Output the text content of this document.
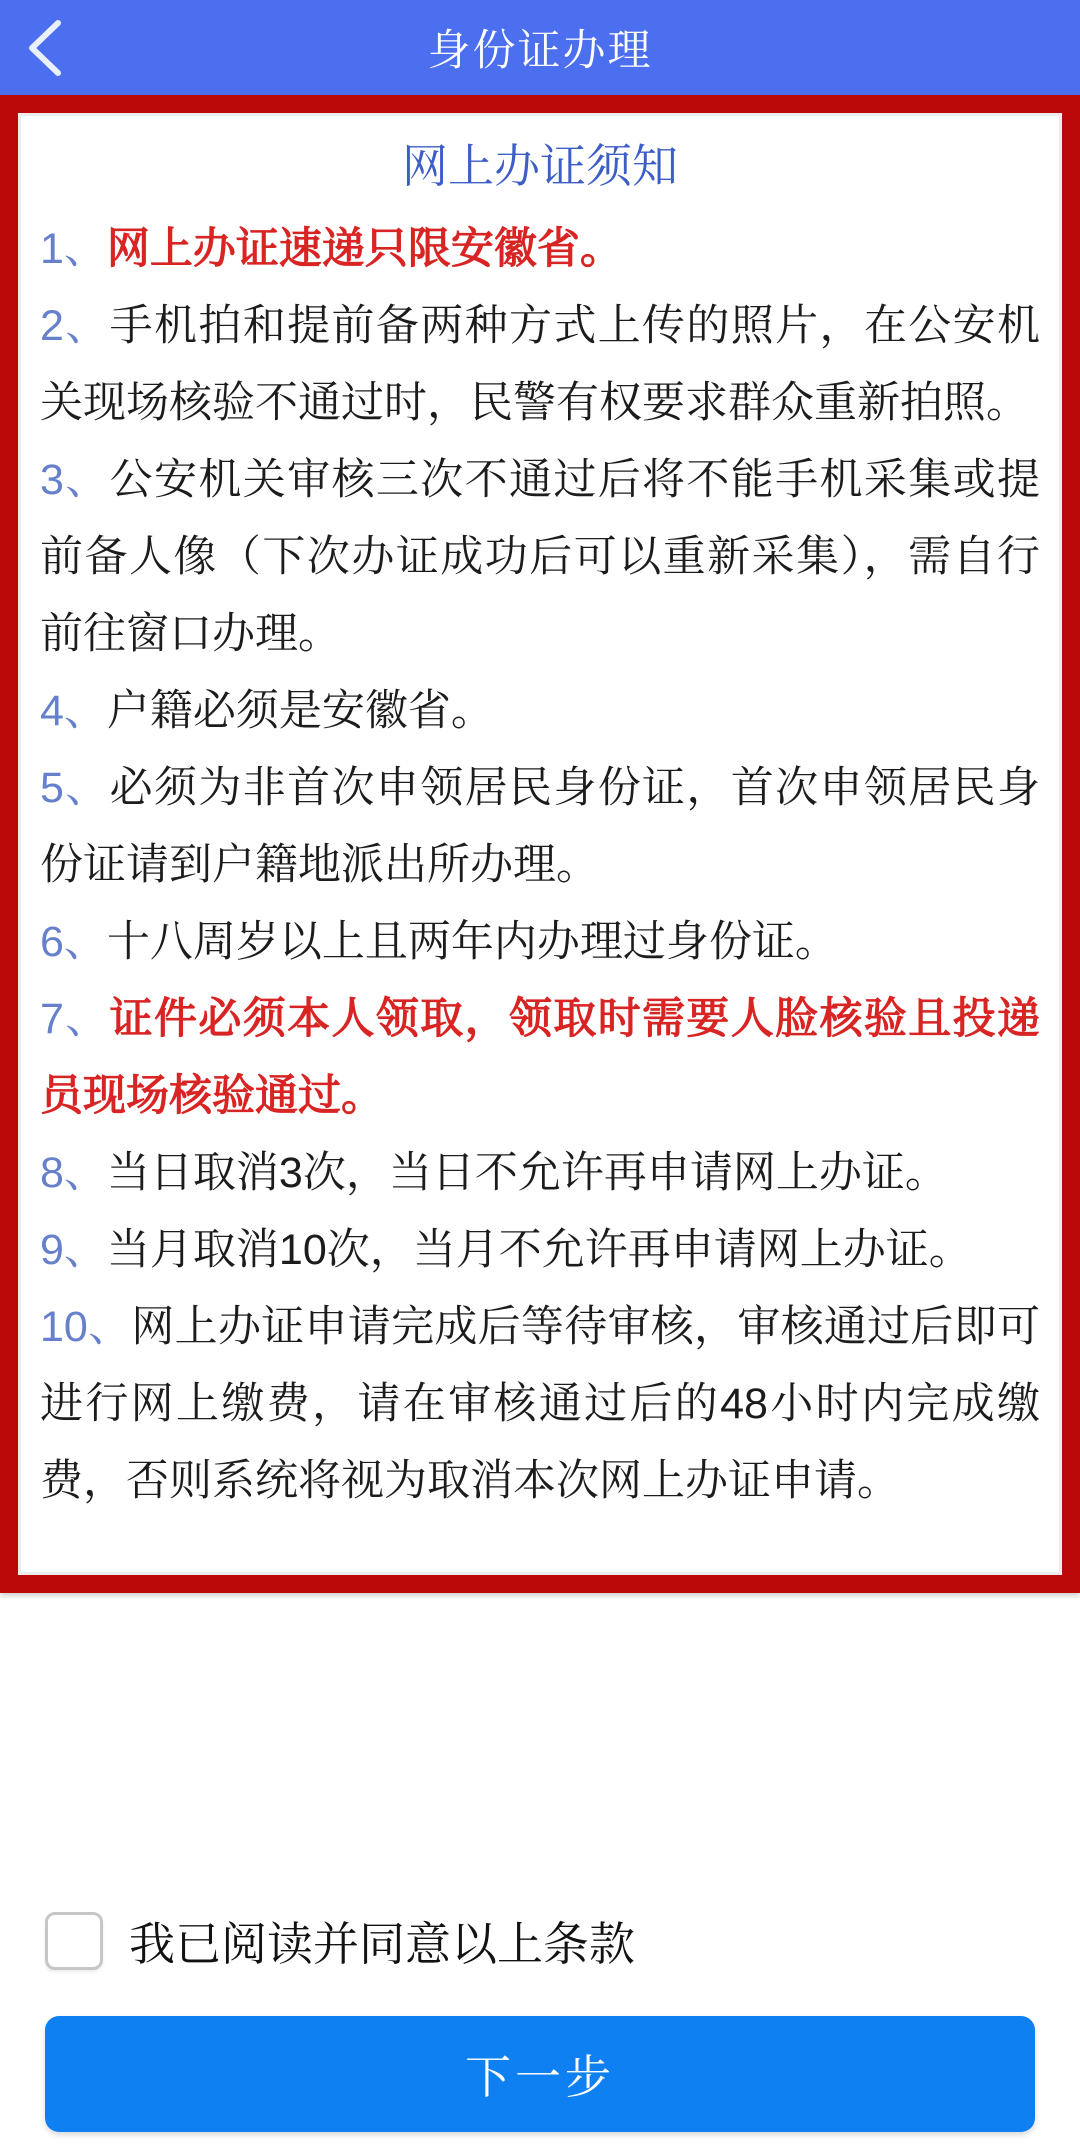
身份证办理
网上办证须知

1、网上办证速递只限安徽省。

2、手机拍和提前备两种方式上传的照片，在公安机关现场核验不通过时，民警有权要求群众重新拍照。

3、公安机关审核三次不通过后将不能手机采集或提前备人像（下次办证成功后可以重新采集），需自行前往窗口办理。

4、户籍必须是安徽省。

5、必须为非首次申领居民身份证，首次申领居民身份证请到户籍地派出所办理。

6、十八周岁以上且两年内办理过身份证。

7、证件必须本人领取，领取时需要人脸核验且投递员现场核验通过。

8、当日取消3次，当日不允许再申请网上办证。

9、当月取消10次，当月不允许再申请网上办证。

10、网上办证申请完成后等待审核，审核通过后即可进行网上缴费，请在审核通过后的48小时内完成缴费，否则系统将视为取消本次网上办证申请。

我已阅读并同意以上条款
下一步
